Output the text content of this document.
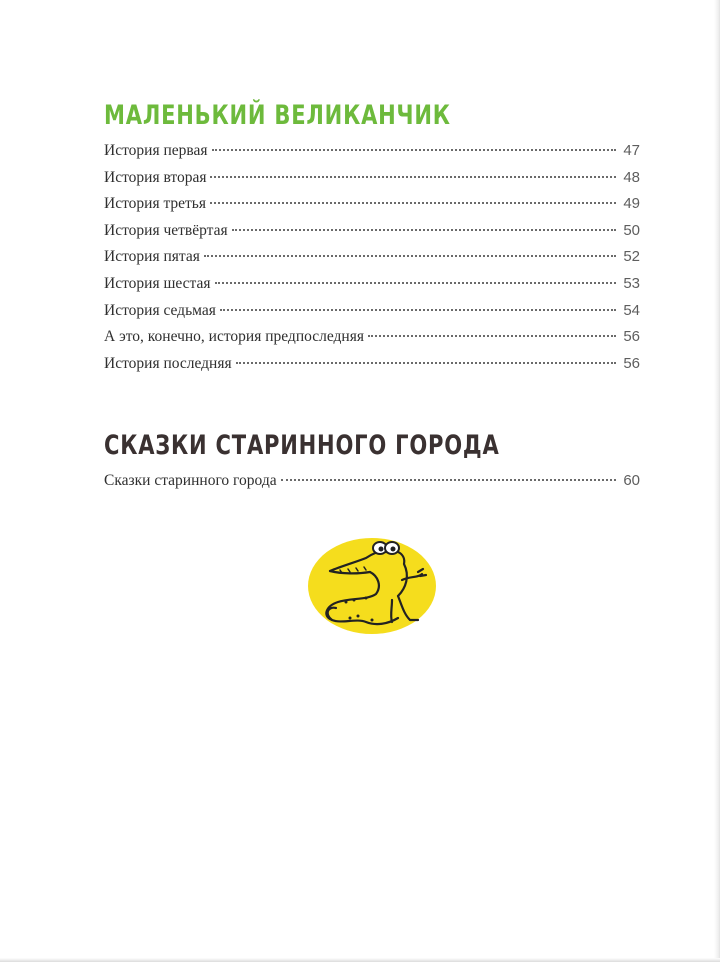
МАЛЕНЬКИЙ ВЕЛИКАНЧИК
История первая	47
История вторая	48
История третья	49
История четвёртая	50
История пятая	52
История шестая	53
История седьмая	54
А это, конечно, история предпоследняя	56
История последняя	56
СКАЗКИ СТАРИННОГО ГОРОДА
Сказки старинного города	60
